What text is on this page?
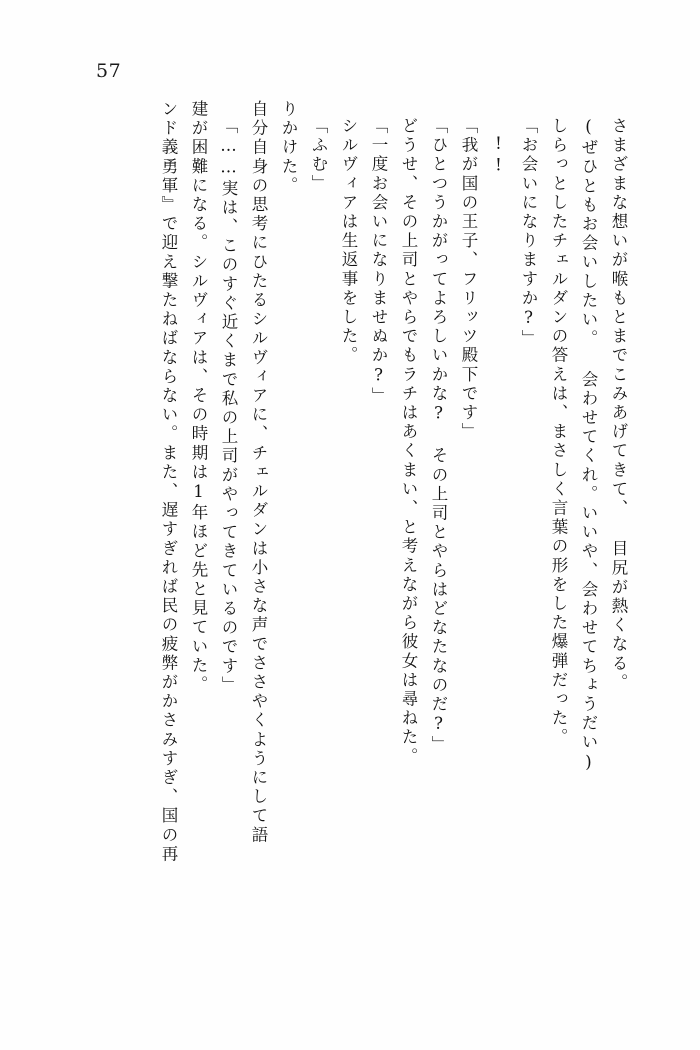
57
ンド義勇軍』で迎え撃たねばならない。また、遅すぎれば民の疲弊がかさみすぎ、国の再 建が困難になる。シルヴィアは、その時期は1年ほど先と見ていた。 「……実は、このすぐ近くまで私の上司がやってきているのです」 自分自身の思考にひたるシルヴィアに、チェルダンは小さな声でささやくようにして語 りかけた。 「ふむ」 シルヴィアは生返事をした。 「一度お会いになりませぬか?」 どうせ、その上司とやらでもラチはあくまい、と考えながら彼女は尋ねた。 「ひとつうかがってよろしいかな? その上司とやらはどなたなのだ?」 「我が国の王子、フリッツ殿下です」 !! 「お会いになりますか?」 しらっとしたチェルダンの答えは、まさしく言葉の形をした爆弾だった。 (ぜひともお会いしたい。 会わせてくれ。いいや、会わせてちょうだい) さまざまな想いが喉もとまでこみあげてきて、 目尻が熱くなる。
